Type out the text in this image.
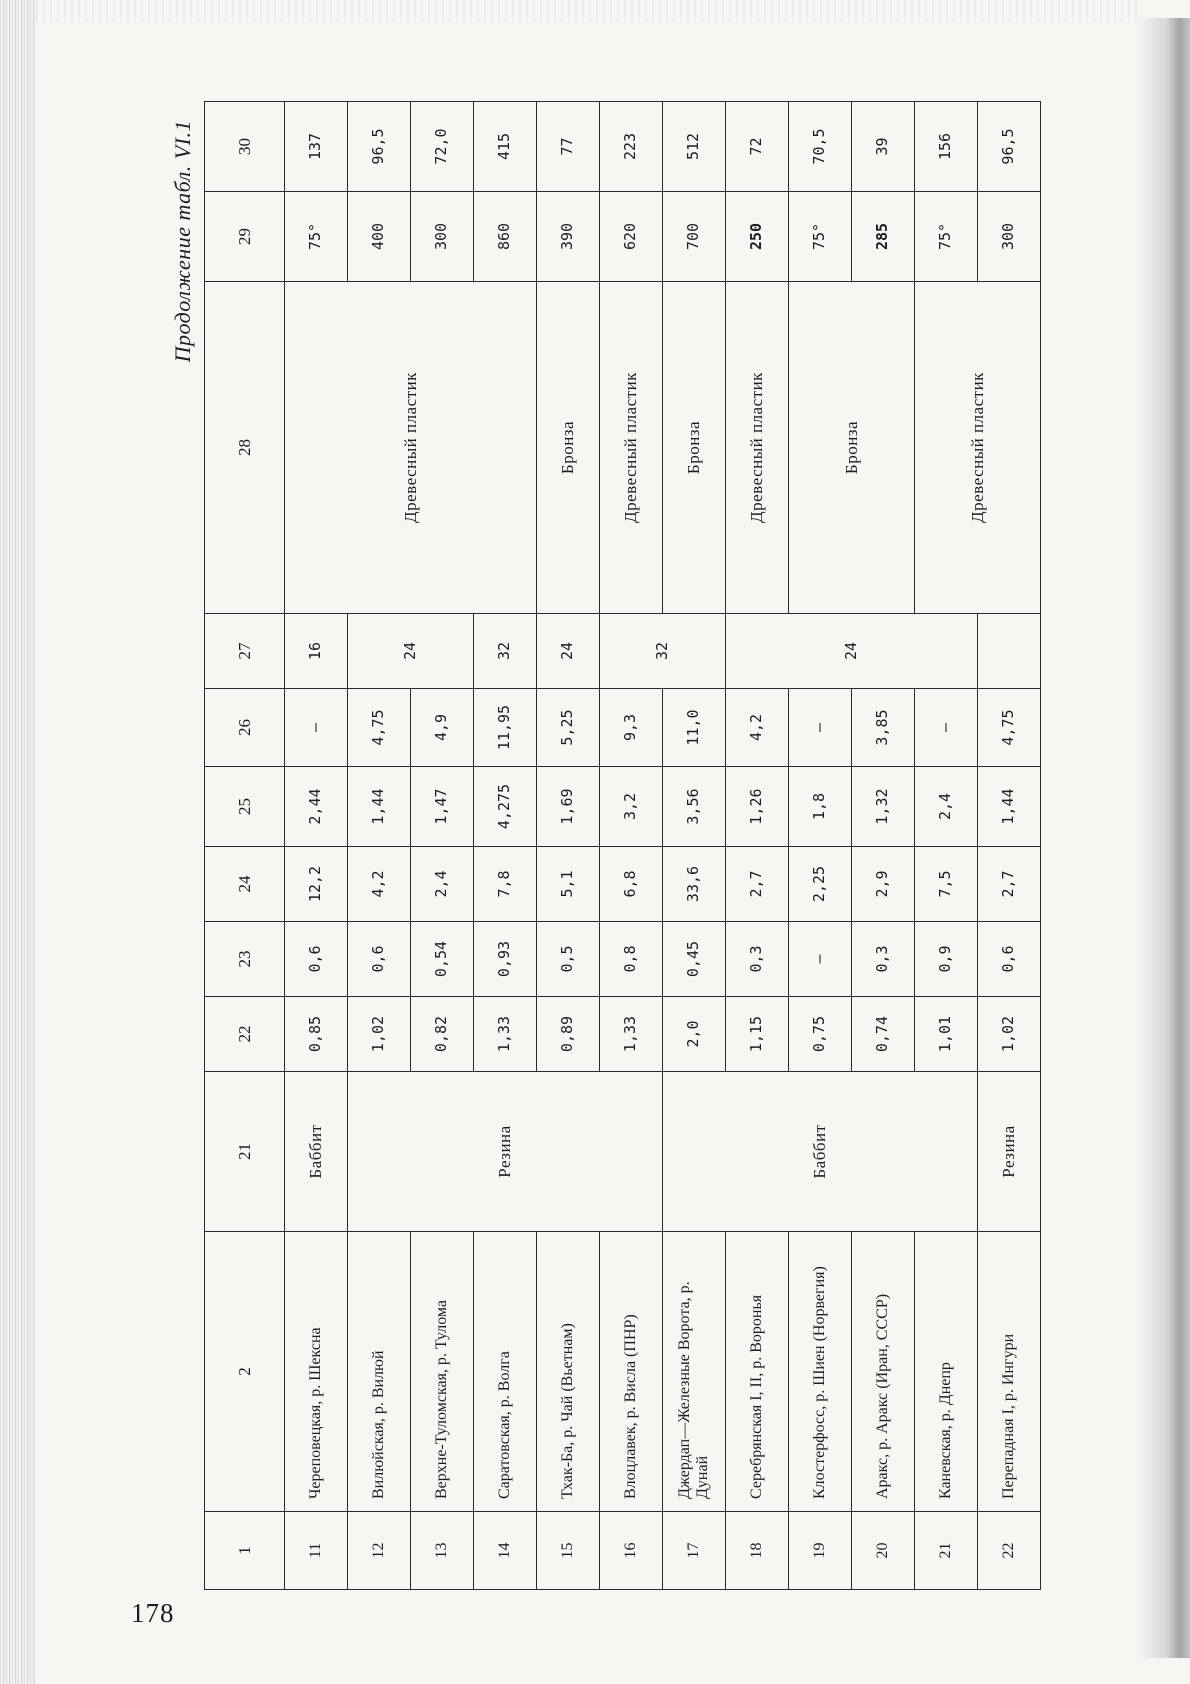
178
Продолжение табл. VI.1
1	2	21	22	23	24	25	26	27	28	29	30
11	Череповецкая, р. Шексна	Баббит	0,85	0,6	12,2	2,44	—	16	Древесный пластик	75°	137
12	Вилюйская, р. Вилюй	Резина	1,02	0,6	4,2	1,44	4,75	24		400	96,5
13	Верхне-Туломская, р. Тулома		0,82	0,54	2,4	1,47	4,9			300	72,0
14	Саратовская, р. Волга		1,33	0,93	7,8	4,275	11,95	32		860	415
15	Тхак-Ба, р. Чай (Вьетнам)		0,89	0,5	5,1	1,69	5,25	24	Бронза	390	77
16	Влоцлавек, р. Висла (ПНР)		1,33	0,8	6,8	3,2	9,3	32	Древесный пластик	620	223
17	Джердап—Железные Ворота, р. Дунай	Баббит	2,0	0,45	33,6	3,56	11,0		Бронза	700	512
18	Серебрянская I, II, р. Воронья		1,15	0,3	2,7	1,26	4,2	24	Древесный пластик	250	72
19	Клостерфосс, р. Шиен (Норвегия)		0,75	—	2,25	1,8	—		Бронза	75°	70,5
20	Аракс, р. Аракс (Иран, СССР)		0,74	0,3	2,9	1,32	3,85			285	39
21	Каневская, р. Днепр		1,01	0,9	7,5	2,4	—		Древесный пластик	75°	156
22	Перепадная I, р. Ингури	Резина	1,02	0,6	2,7	1,44	4,75			300	96,5
